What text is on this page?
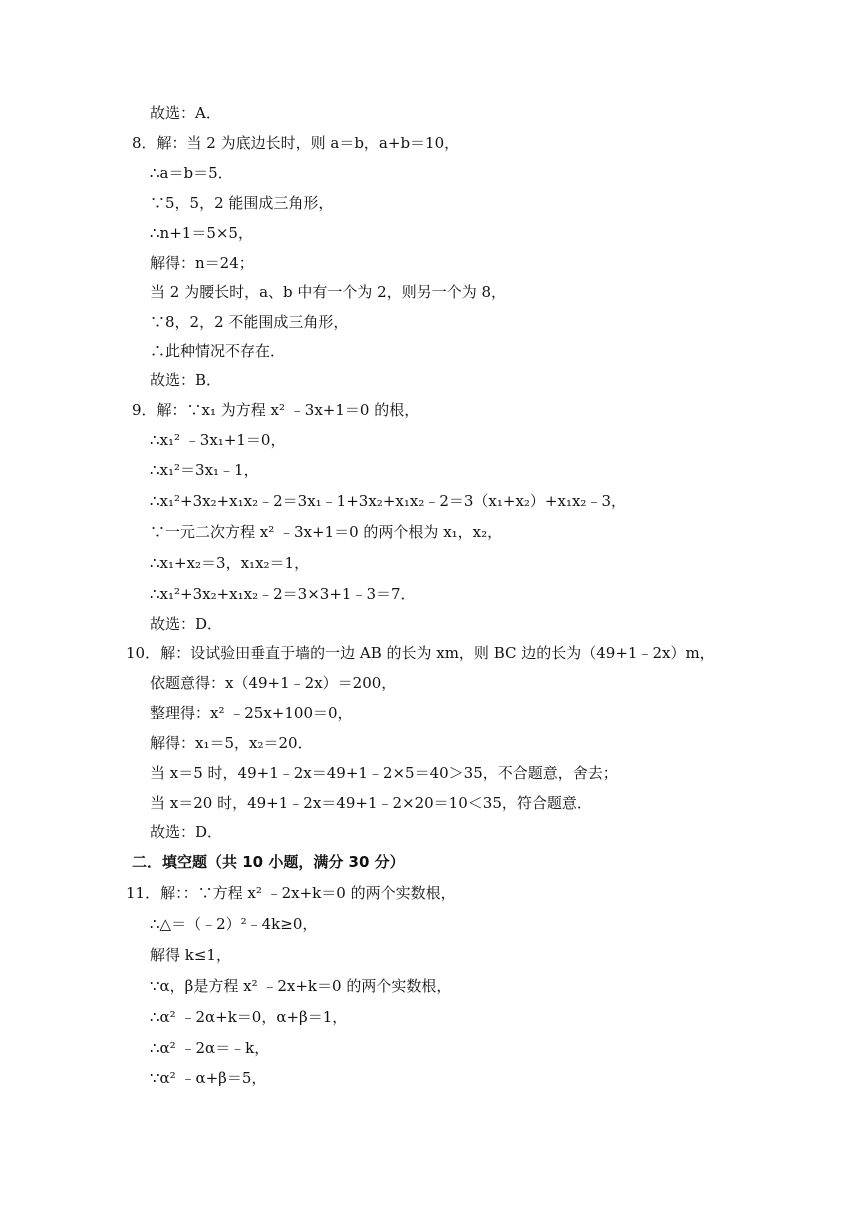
故选：A．
8．解：当 2 为底边长时，则 a＝b，a+b＝10，
∴a＝b＝5．
∵5，5，2 能围成三角形，
∴n+1＝5×5，
解得：n＝24；
当 2 为腰长时，a、b 中有一个为 2，则另一个为 8，
∵8，2，2 不能围成三角形，
∴此种情况不存在．
故选：B．
9．解：∵x₁ 为方程 x² ﹣3x+1＝0 的根，
∴x₁² ﹣3x₁+1＝0，
∴x₁²＝3x₁﹣1，
∴x₁²+3x₂+x₁x₂﹣2＝3x₁﹣1+3x₂+x₁x₂﹣2＝3（x₁+x₂）+x₁x₂﹣3，
∵一元二次方程 x² ﹣3x+1＝0 的两个根为 x₁，x₂，
∴x₁+x₂＝3，x₁x₂＝1，
∴x₁²+3x₂+x₁x₂﹣2＝3×3+1﹣3＝7．
故选：D．
10．解：设试验田垂直于墙的一边 AB 的长为 xm，则 BC 边的长为（49+1﹣2x）m，
依题意得：x（49+1﹣2x）＝200，
整理得：x² ﹣25x+100＝0，
解得：x₁＝5，x₂＝20．
当 x＝5 时，49+1﹣2x＝49+1﹣2×5＝40＞35，不合题意，舍去；
当 x＝20 时，49+1﹣2x＝49+1﹣2×20＝10＜35，符合题意．
故选：D．
二．填空题（共 10 小题，满分 30 分）
11．解：：∵方程 x² ﹣2x+k＝0 的两个实数根，
∴△＝（﹣2）²﹣4k≥0，
解得 k≤1，
∵α，β是方程 x² ﹣2x+k＝0 的两个实数根，
∴α² ﹣2α+k＝0，α+β＝1，
∴α² ﹣2α＝﹣k，
∵α² ﹣α+β＝5，
